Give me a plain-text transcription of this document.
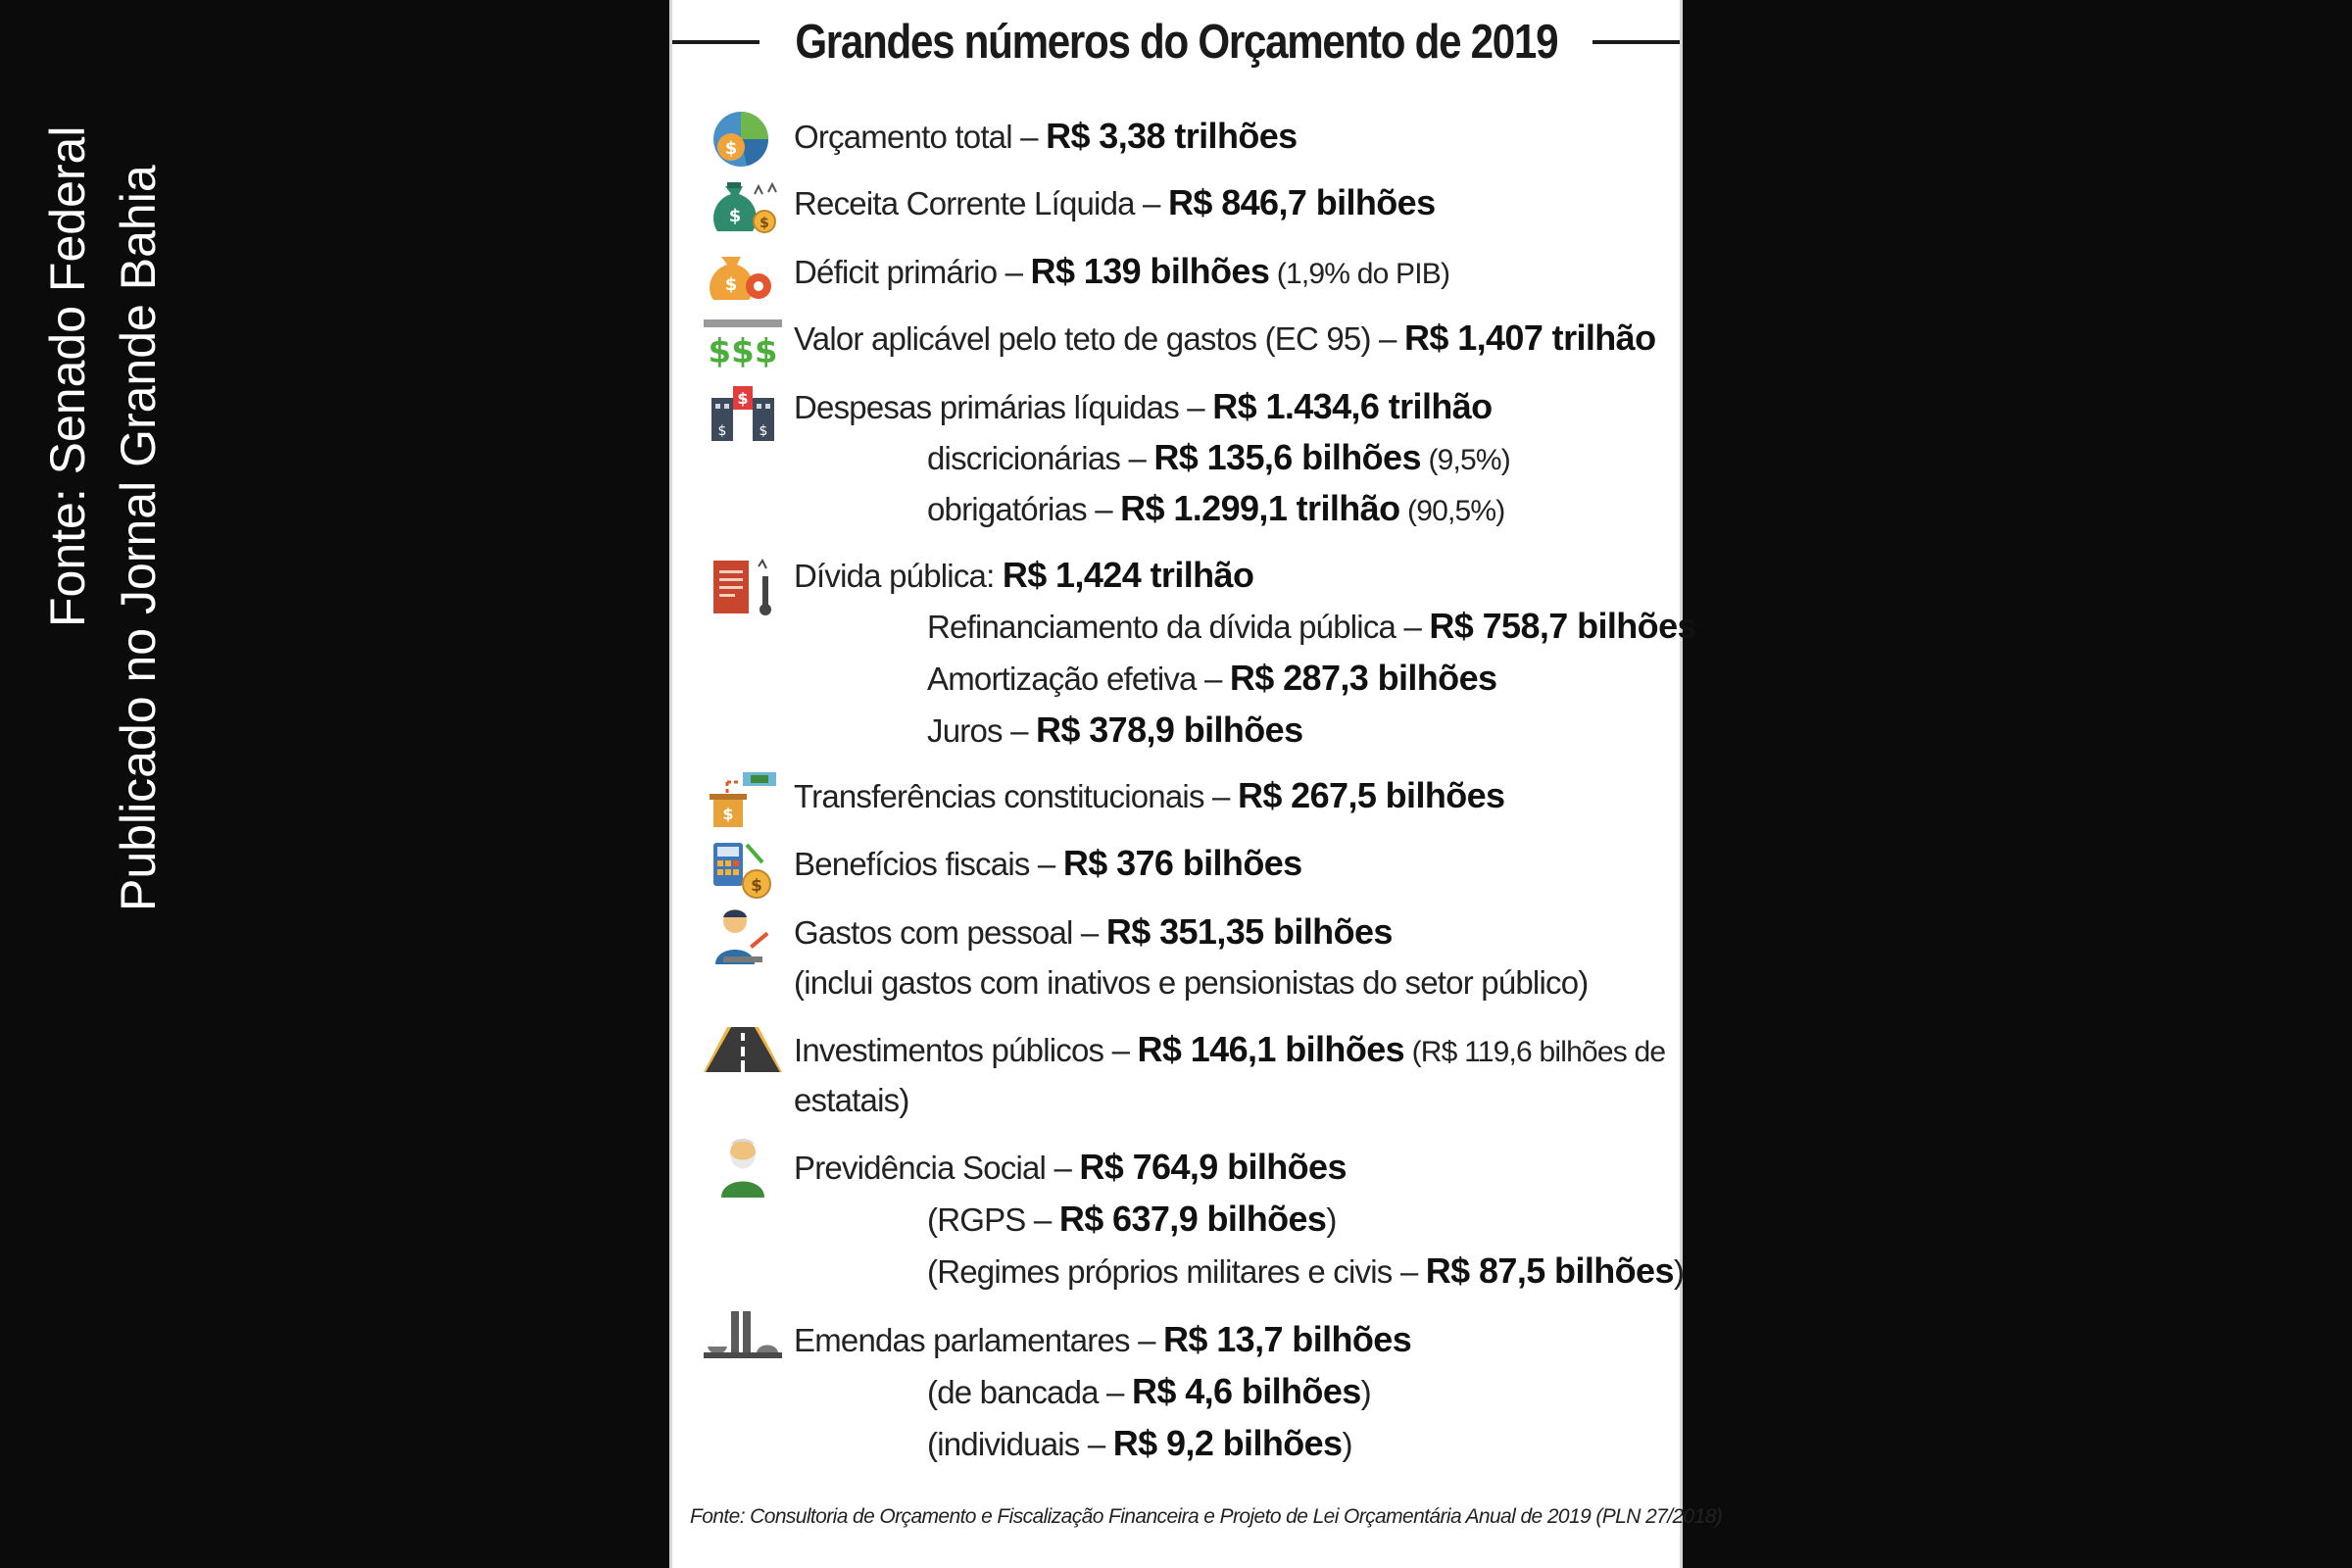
Fonte: Senado Federal Publicado no Jornal Grande Bahia
Grandes números do Orçamento de 2019
$ Orçamento total – R$ 3,38 trilhões
$ $
Receita Corrente Líquida – R$ 846,7 bilhões
$ Déficit primário – R$ 139 bilhões (1,9% do PIB)
$$$ Valor aplicável pelo teto de gastos (EC 95) – R$ 1,407 trilhão
$
$ $
Despesas primárias líquidas – R$ 1.434,6 trilhão
discricionárias – R$ 135,6 bilhões (9,5%)
obrigatórias – R$ 1.299,1 trilhão (90,5%)
Dívida pública: R$ 1,424 trilhão
Refinanciamento da dívida pública – R$ 758,7 bilhões
Amortização efetiva – R$ 287,3 bilhões
Juros – R$ 378,9 bilhões
$ Transferências constitucionais – R$ 267,5 bilhões
$
Benefícios fiscais – R$ 376 bilhões
Gastos com pessoal – R$ 351,35 bilhões
(inclui gastos com inativos e pensionistas do setor público)
Investimentos públicos – R$ 146,1 bilhões (R$ 119,6 bilhões de
estatais)
Previdência Social – R$ 764,9 bilhões
(RGPS – R$ 637,9 bilhões)
(Regimes próprios militares e civis – R$ 87,5 bilhões)
Emendas parlamentares – R$ 13,7 bilhões
(de bancada – R$ 4,6 bilhões)
(individuais – R$ 9,2 bilhões)
Fonte: Consultoria de Orçamento e Fiscalização Financeira e Projeto de Lei Orçamentária Anual de 2019 (PLN 27/2018)
